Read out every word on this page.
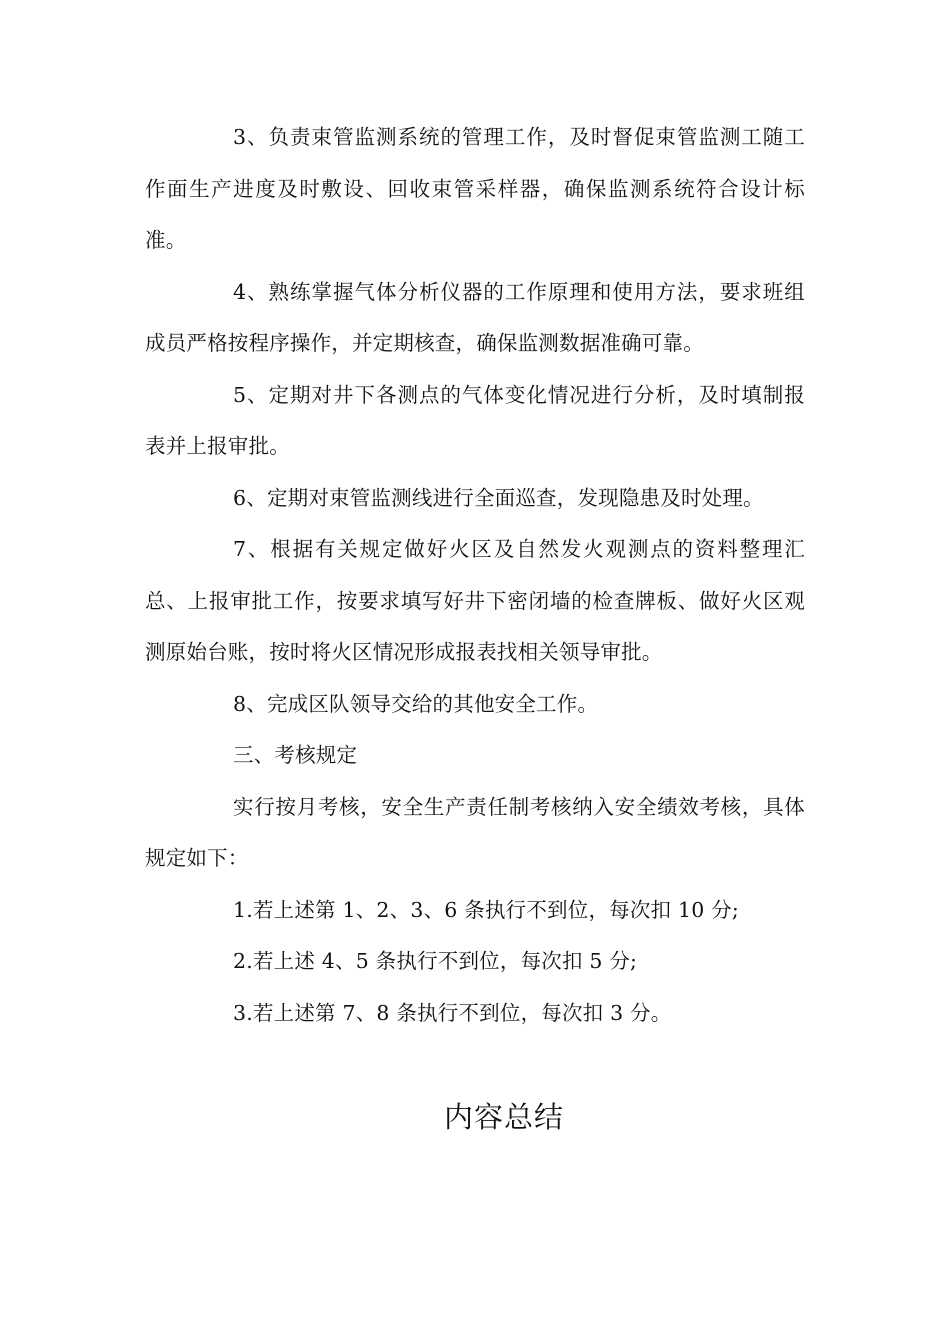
3、负责束管监测系统的管理工作，及时督促束管监测工随工作面生产进度及时敷设、回收束管采样器，确保监测系统符合设计标准。

4、熟练掌握气体分析仪器的工作原理和使用方法，要求班组成员严格按程序操作，并定期核查，确保监测数据准确可靠。

5、定期对井下各测点的气体变化情况进行分析，及时填制报表并上报审批。

6、定期对束管监测线进行全面巡查，发现隐患及时处理。

7、根据有关规定做好火区及自然发火观测点的资料整理汇总、上报审批工作，按要求填写好井下密闭墙的检查牌板、做好火区观测原始台账，按时将火区情况形成报表找相关领导审批。

8、完成区队领导交给的其他安全工作。

三、考核规定

实行按月考核，安全生产责任制考核纳入安全绩效考核，具体规定如下：

1.若上述第 1、2、3、6 条执行不到位，每次扣 10 分;

2.若上述 4、5 条执行不到位，每次扣 5 分;

3.若上述第 7、8 条执行不到位，每次扣 3 分。

内容总结
